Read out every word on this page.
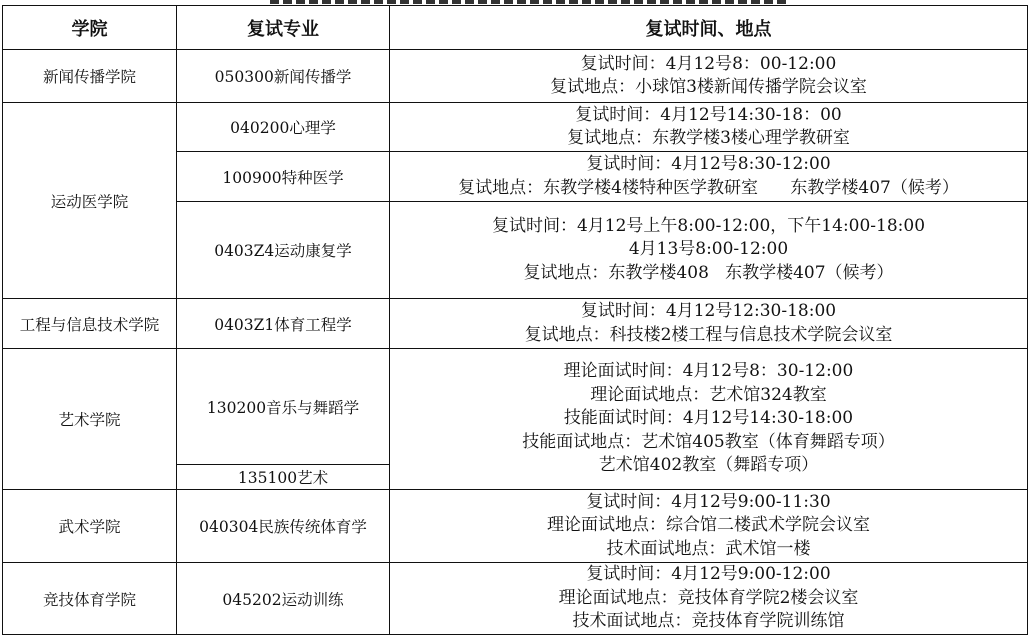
学院	复试专业	复试时间、地点
新闻传播学院	050300新闻传播学	复试时间：4月12号8：00-12:00
复试地点：小球馆3楼新闻传播学院会议室

运动医学院	040200心理学	复试时间：4月12号14:30-18：00
复试地点：东教学楼3楼心理学教研室

	100900特种医学	复试时间：4月12号8:30-12:00
复试地点：东教学楼4楼特种医学教研室      东教学楼407（候考）

	0403Z4运动康复学	复试时间：4月12号上午8:00-12:00，下午14:00-18:00
4月13号8:00-12:00
复试地点：东教学楼408   东教学楼407（候考）

工程与信息技术学院	0403Z1体育工程学	复试时间：4月12号12:30-18:00
复试地点：科技楼2楼工程与信息技术学院会议室

艺术学院	130200音乐与舞蹈学	理论面试时间：4月12号8：30-12:00
理论面试地点：艺术馆324教室
技能面试时间：4月12号14:30-18:00
技能面试地点：艺术馆405教室（体育舞蹈专项）
艺术馆402教室（舞蹈专项）

	135100艺术	
武术学院	040304民族传统体育学	复试时间：4月12号9:00-11:30
理论面试地点：综合馆二楼武术学院会议室
技术面试地点：武术馆一楼

竞技体育学院	045202运动训练	复试时间：4月12号9:00-12:00
理论面试地点：竞技体育学院2楼会议室
技术面试地点：竞技体育学院训练馆
